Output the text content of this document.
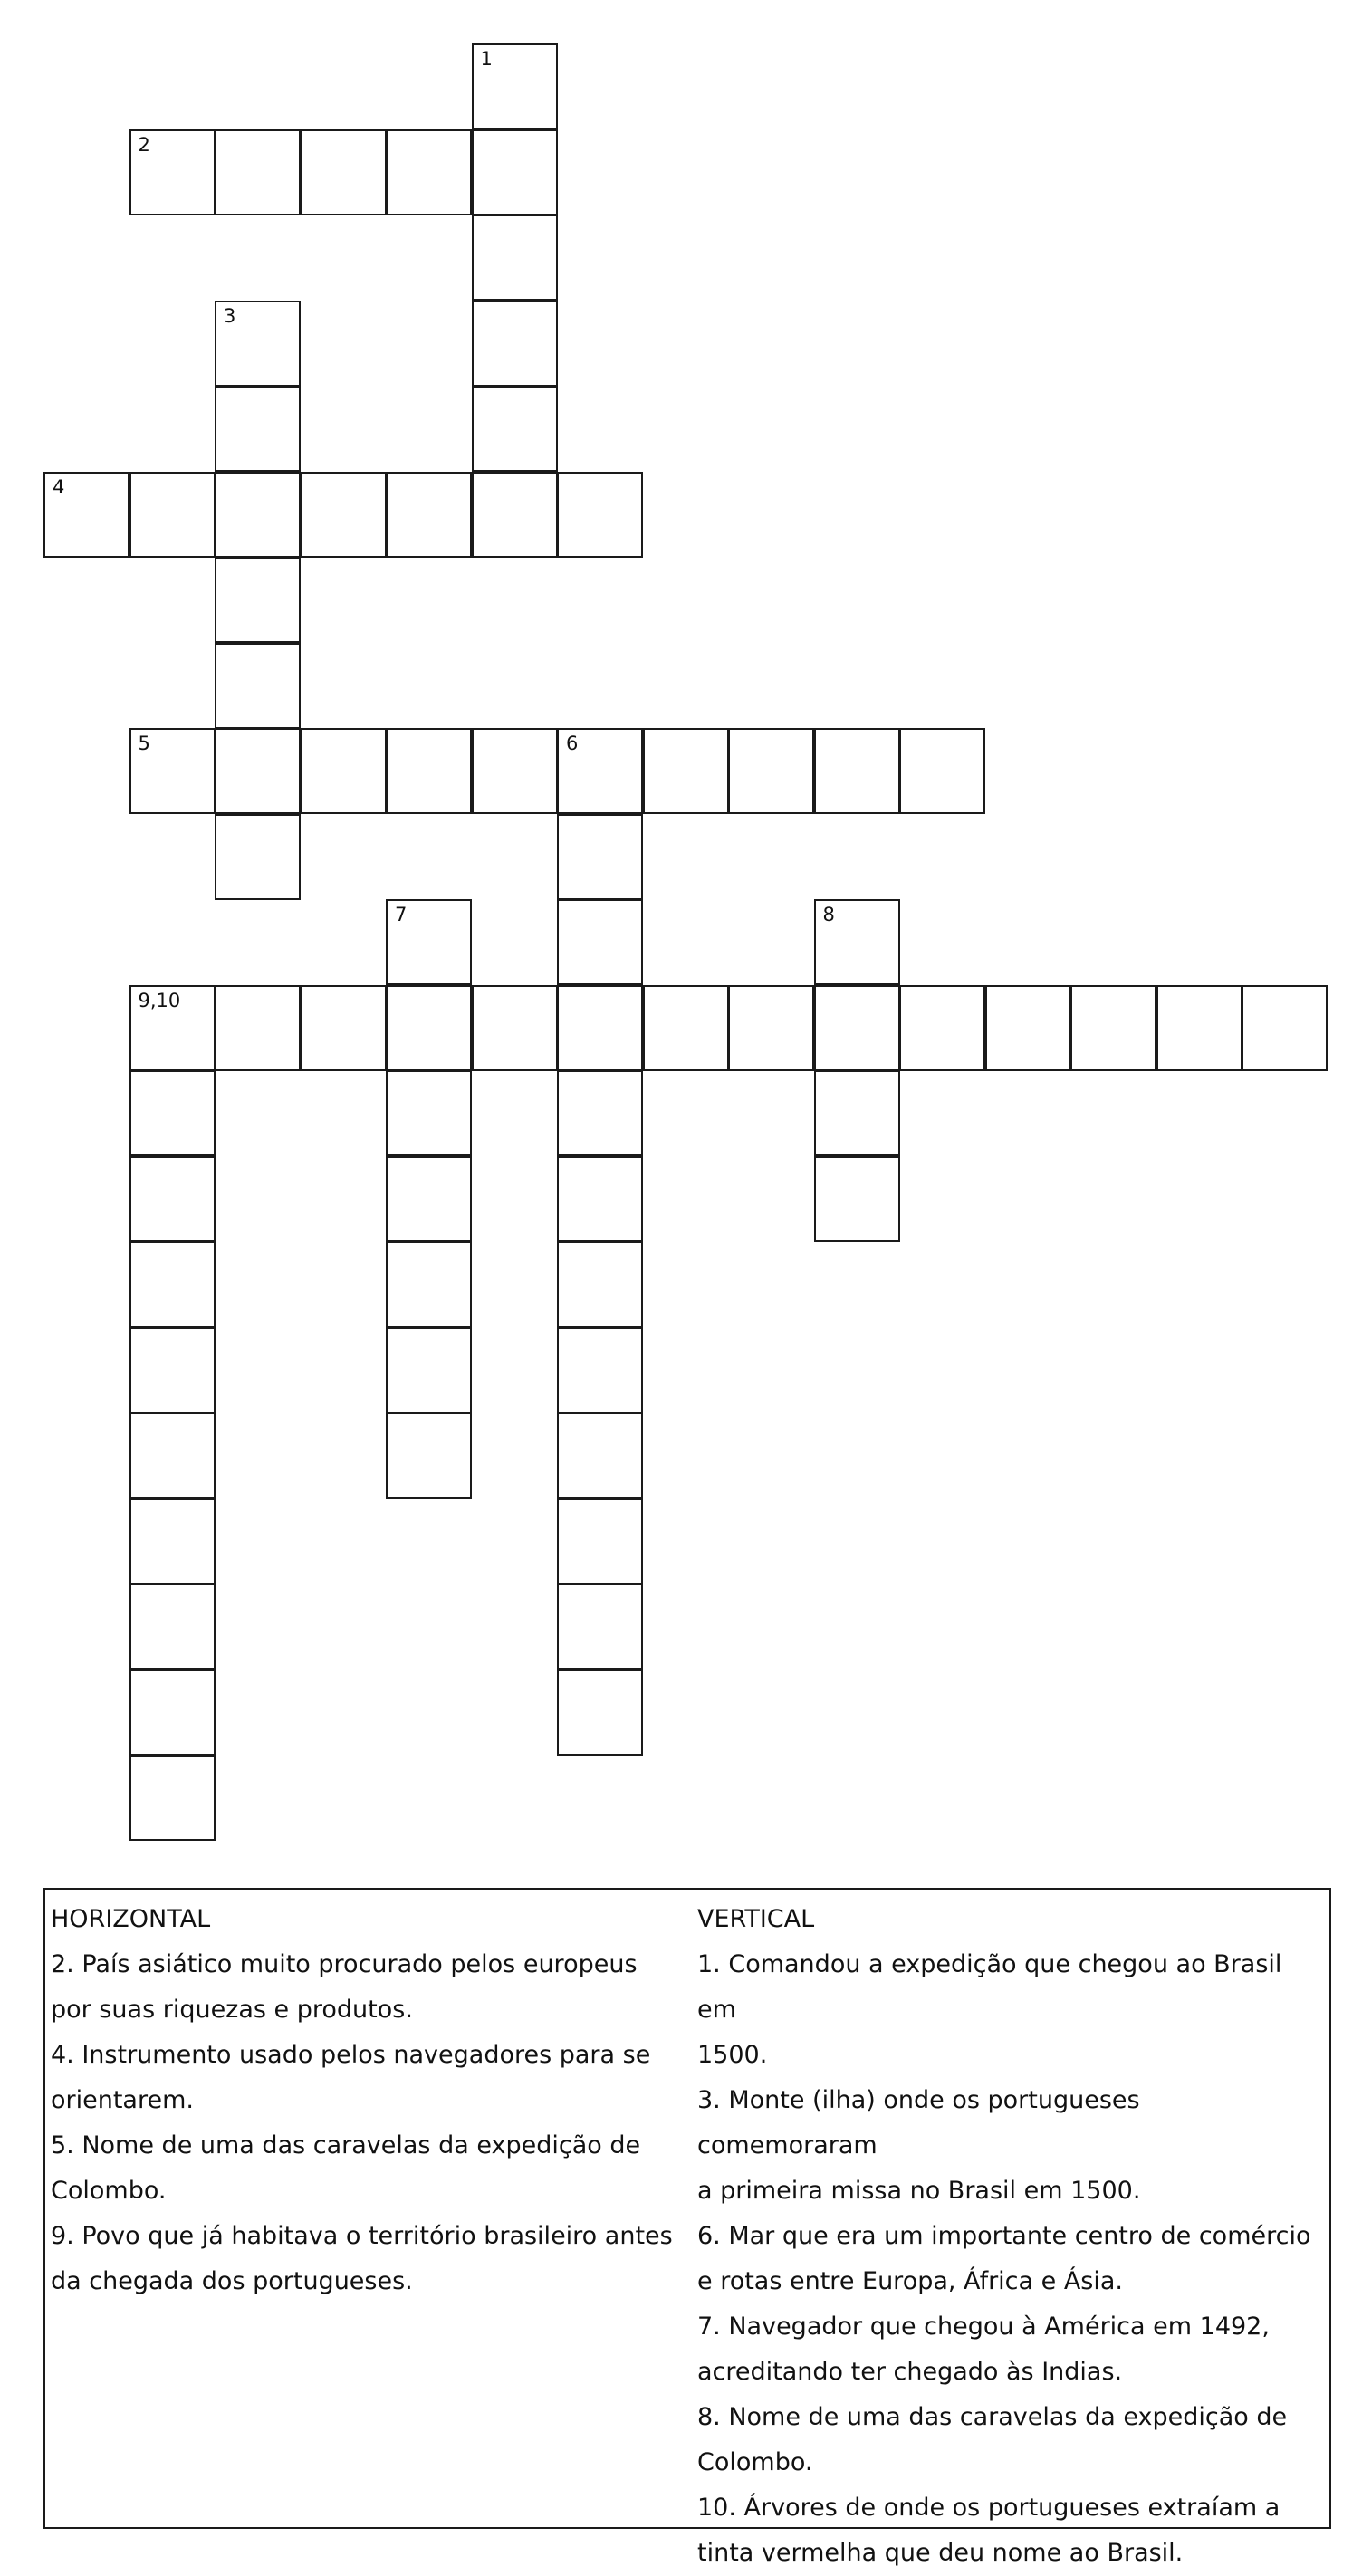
1
2
3
4
5	6
7	8
9,10

HORIZONTAL

2. País asiático muito procurado pelos europeus

por suas riquezas e produtos.

4. Instrumento usado pelos navegadores para se

orientarem.

5. Nome de uma das caravelas da expedição de

Colombo.

9. Povo que já habitava o território brasileiro antes

da chegada dos portugueses.

VERTICAL

1. Comandou a expedição que chegou ao Brasil em

1500.

3. Monte (ilha) onde os portugueses comemoraram

a primeira missa no Brasil em 1500.

6. Mar que era um importante centro de comércio

e rotas entre Europa, África e Ásia.

7. Navegador que chegou à América em 1492,

acreditando ter chegado às Indias.

8. Nome de uma das caravelas da expedição de

Colombo.

10. Árvores de onde os portugueses extraíam a

tinta vermelha que deu nome ao Brasil.
